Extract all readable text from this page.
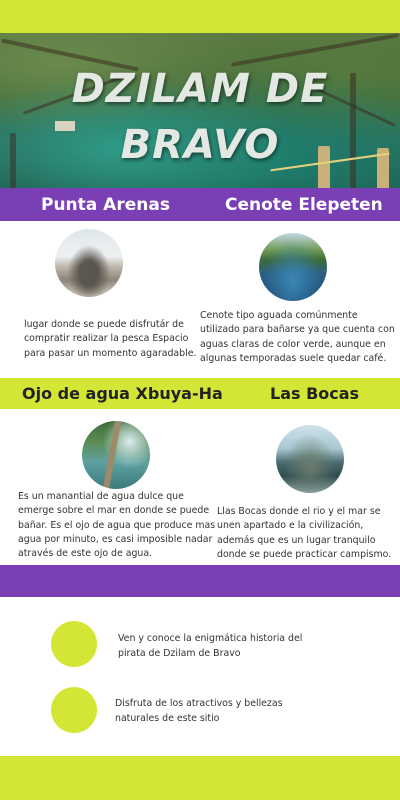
DZILAM DE BRAVO
Punta Arenas	Cenote Elepeten
lugar donde se puede disfrutár de compratir realizar la pesca Espacio para pasar un momento agaradable.
Cenote tipo aguada comúnmente utilizado para bañarse ya que cuenta con aguas claras de color verde, aunque en algunas temporadas suele quedar café.
Ojo de agua Xbuya-Ha	Las Bocas
Es un manantial de agua dulce que emerge sobre el mar en donde se puede bañar. Es el ojo de agua que produce mas agua por minuto, es casi imposible nadar através de este ojo de agua.
Llas Bocas donde el rio y el mar se unen apartado e la civilización, además que es un lugar tranquilo donde se puede practicar campismo.
Ven y conoce la enigmática historia del pirata de Dzilam de Bravo
Disfruta de los atractivos y bellezas naturales de este sitio
